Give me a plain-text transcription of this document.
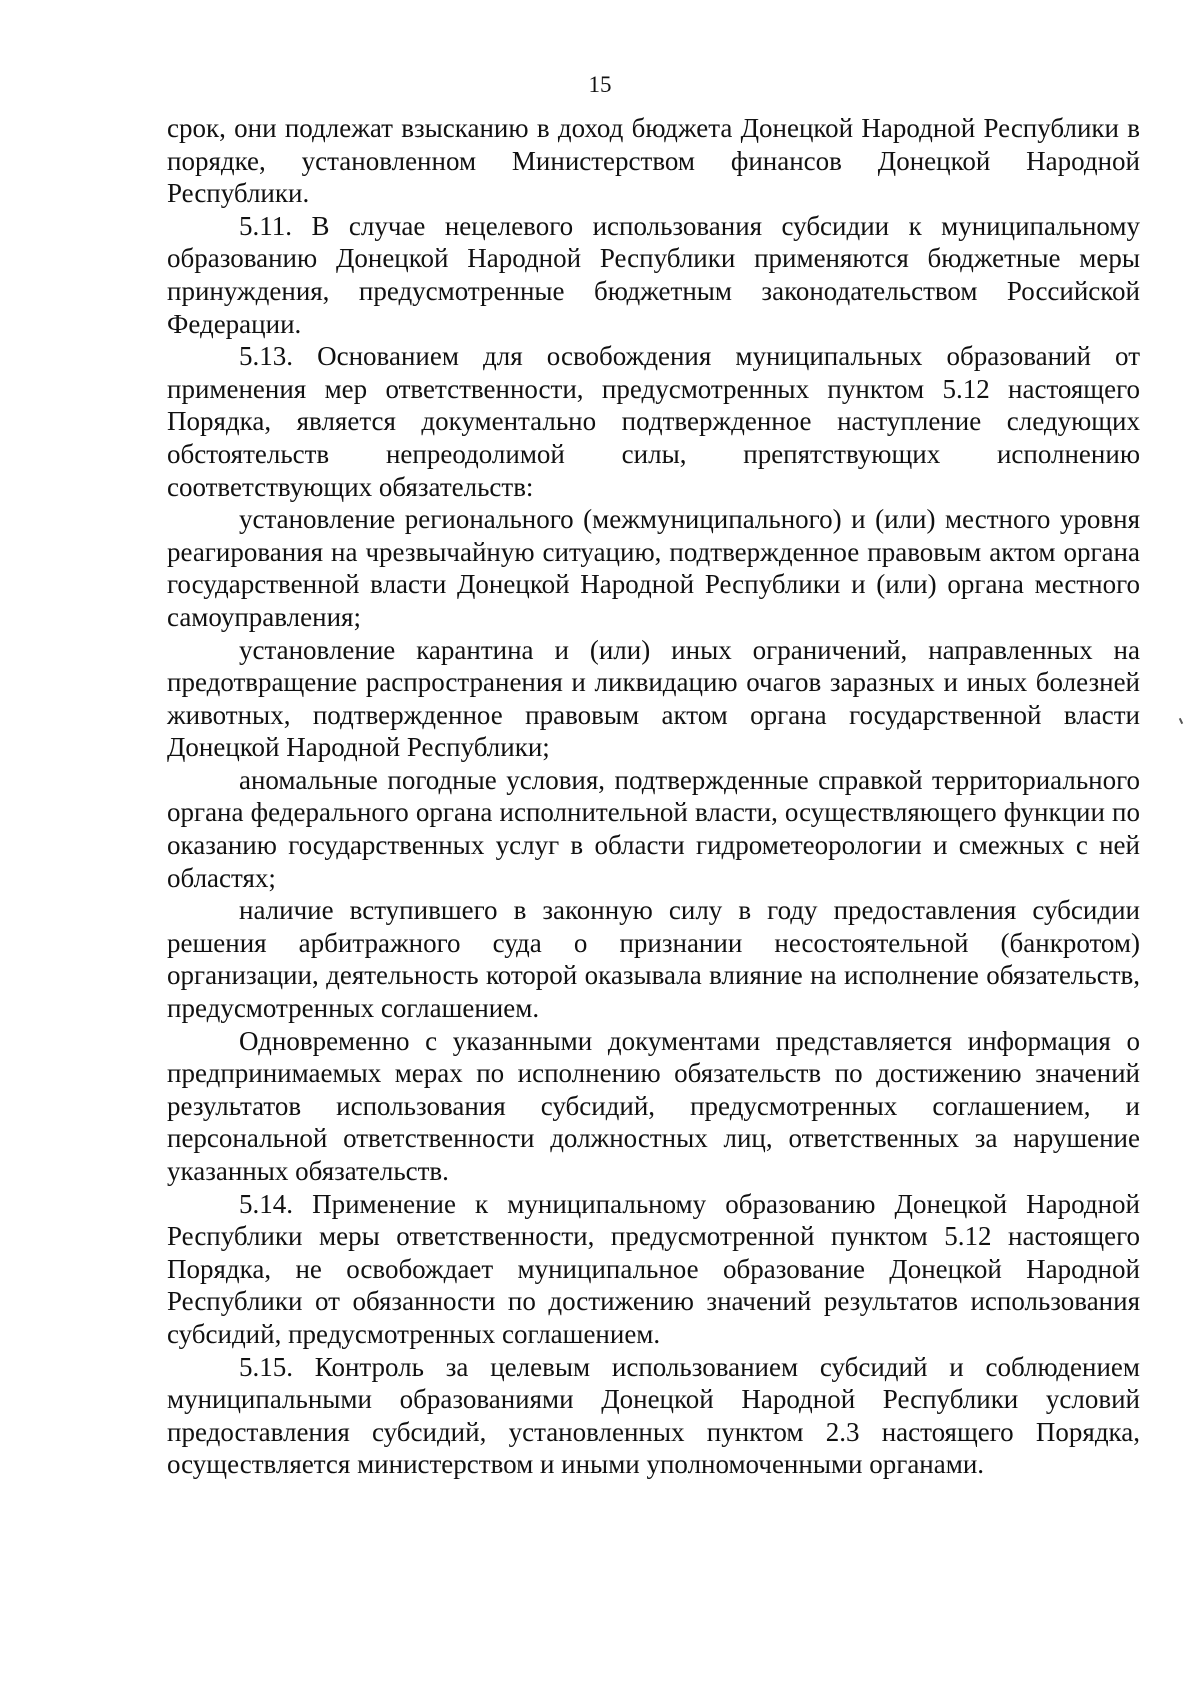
15

срок, они подлежат взысканию в доход бюджета Донецкой Народной Республики в порядке, установленном Министерством финансов Донецкой Народной Республики.

5.11. В случае нецелевого использования субсидии к муниципальному образованию Донецкой Народной Республики применяются бюджетные меры принуждения, предусмотренные бюджетным законодательством Российской Федерации.

5.13. Основанием для освобождения муниципальных образований от применения мер ответственности, предусмотренных пунктом 5.12 настоящего Порядка, является документально подтвержденное наступление следующих обстоятельств непреодолимой силы, препятствующих исполнению соответствующих обязательств:

установление регионального (межмуниципального) и (или) местного уровня реагирования на чрезвычайную ситуацию, подтвержденное правовым актом органа государственной власти Донецкой Народной Республики и (или) органа местного самоуправления;

установление карантина и (или) иных ограничений, направленных на предотвращение распространения и ликвидацию очагов заразных и иных болезней животных, подтвержденное правовым актом органа государственной власти Донецкой Народной Республики;

аномальные погодные условия, подтвержденные справкой территориального органа федерального органа исполнительной власти, осуществляющего функции по оказанию государственных услуг в области гидрометеорологии и смежных с ней областях;

наличие вступившего в законную силу в году предоставления субсидии решения арбитражного суда о признании несостоятельной (банкротом) организации, деятельность которой оказывала влияние на исполнение обязательств, предусмотренных соглашением.

Одновременно с указанными документами представляется информация о предпринимаемых мерах по исполнению обязательств по достижению значений результатов использования субсидий, предусмотренных соглашением, и персональной ответственности должностных лиц, ответственных за нарушение указанных обязательств.

5.14. Применение к муниципальному образованию Донецкой Народной Республики меры ответственности, предусмотренной пунктом 5.12 настоящего Порядка, не освобождает муниципальное образование Донецкой Народной Республики от обязанности по достижению значений результатов использования субсидий, предусмотренных соглашением.

5.15. Контроль за целевым использованием субсидий и соблюдением муниципальными образованиями Донецкой Народной Республики условий предоставления субсидий, установленных пунктом 2.3 настоящего Порядка, осуществляется министерством и иными уполномоченными органами.
